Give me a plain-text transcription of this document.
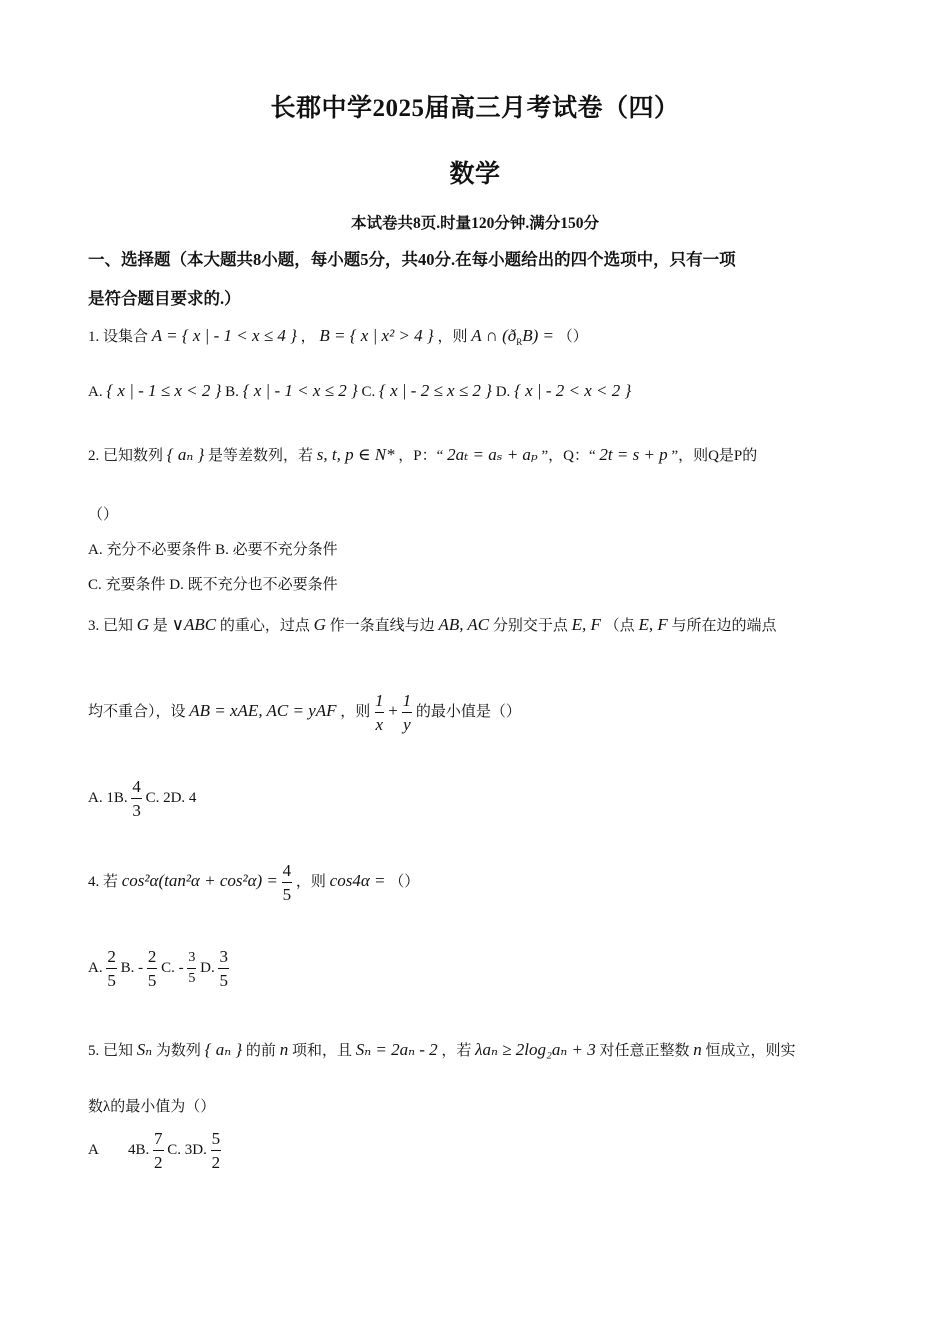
长郡中学2025届高三月考试卷（四）
数学
本试卷共8页.时量120分钟.满分150分
一、选择题（本大题共8小题，每小题5分，共40分.在每小题给出的四个选项中，只有一项
是符合题目要求的.）
1. 设集合 A = { x | - 1 < x ≤ 4 } ， B = { x | x² > 4 } ，则 A ∩ $(ð_RB)$ = （）
A. { x | - 1 ≤ x < 2 } B. { x | - 1 < x ≤ 2 } C. { x | - 2 ≤ x ≤ 2 } D. { x | - 2 < x < 2 }
2. 已知数列 { aₙ } 是等差数列，若 s, t, p ∈ N* ，P：“ 2aₜ = aₛ + aₚ ”，Q：“ 2t = s + p ”，则Q是P的
（）
A. 充分不必要条件 B. 必要不充分条件
C. 充要条件 D. 既不充分也不必要条件
3. 已知 G 是 ∨ABC 的重心，过点 G 作一条直线与边 AB, AC 分别交于点 E, F （点 E, F 与所在边的端点
均不重合），设 AB = xAE, AC = yAF ，则 $\frac{1}{x} + \frac{1}{y}$ 的最小值是（）
A. 1B. $\frac{4}{3} C$. 2D. 4
4. 若 $\cos^2\alpha(\tan^2\alpha + \cos^2\alpha) = \frac{4}{5}$ ，则 cos4α = （）
A. $\frac{2}{5} B$. - $\frac{2}{5} C$. - $\frac{3}{5} D$. $\frac{3}{5}$
5. 已知 Sₙ 为数列 { aₙ } 的前 n 项和，且 Sₙ = 2aₙ - 2 ，若 λaₙ ≥ 2log₂aₙ + 3 对任意正整数 n 恒成立，则实
数λ的最小值为（）
A　　4B. $\frac{7}{2} C$. 3D. $\frac{5}{2}$
